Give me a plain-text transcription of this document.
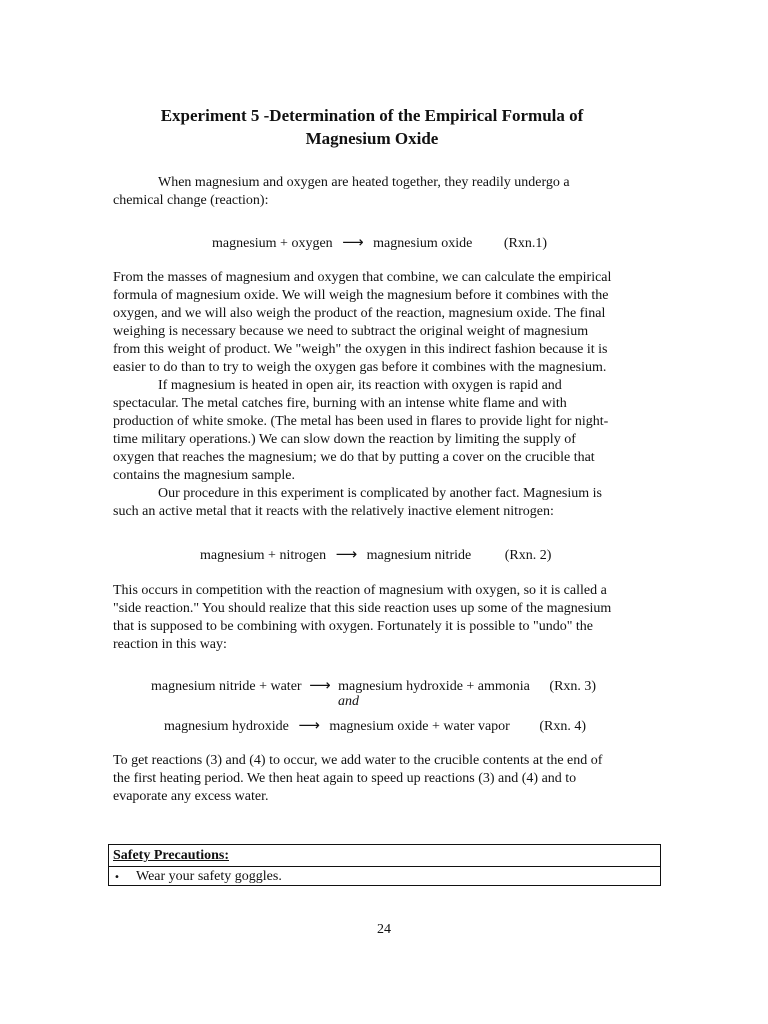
Experiment 5 -Determination of the Empirical Formula of
Magnesium Oxide

When magnesium and oxygen are heated together, they readily undergo a
chemical change (reaction):

magnesium + oxygen ⟶ magnesium oxide (Rxn.1)

From the masses of magnesium and oxygen that combine, we can calculate the empirical
formula of magnesium oxide. We will weigh the magnesium before it combines with the
oxygen, and we will also weigh the product of the reaction, magnesium oxide. The final
weighing is necessary because we need to subtract the original weight of magnesium
from this weight of product. We "weigh" the oxygen in this indirect fashion because it is
easier to do than to try to weigh the oxygen gas before it combines with the magnesium.
If magnesium is heated in open air, its reaction with oxygen is rapid and
spectacular. The metal catches fire, burning with an intense white flame and with
production of white smoke. (The metal has been used in flares to provide light for night-
time military operations.) We can slow down the reaction by limiting the supply of
oxygen that reaches the magnesium; we do that by putting a cover on the crucible that
contains the magnesium sample.
Our procedure in this experiment is complicated by another fact. Magnesium is
such an active metal that it reacts with the relatively inactive element nitrogen:

magnesium + nitrogen ⟶ magnesium nitride (Rxn. 2)

This occurs in competition with the reaction of magnesium with oxygen, so it is called a
"side reaction." You should realize that this side reaction uses up some of the magnesium
that is supposed to be combining with oxygen. Fortunately it is possible to "undo" the
reaction in this way:

magnesium nitride + water ⟶ magnesium hydroxide + ammonia (Rxn. 3)
and
magnesium hydroxide ⟶ magnesium oxide + water vapor (Rxn. 4)

To get reactions (3) and (4) to occur, we add water to the crucible contents at the end of
the first heating period. We then heat again to speed up reactions (3) and (4) and to
evaporate any excess water.

Safety Precautions:
• Wear your safety goggles.
24
